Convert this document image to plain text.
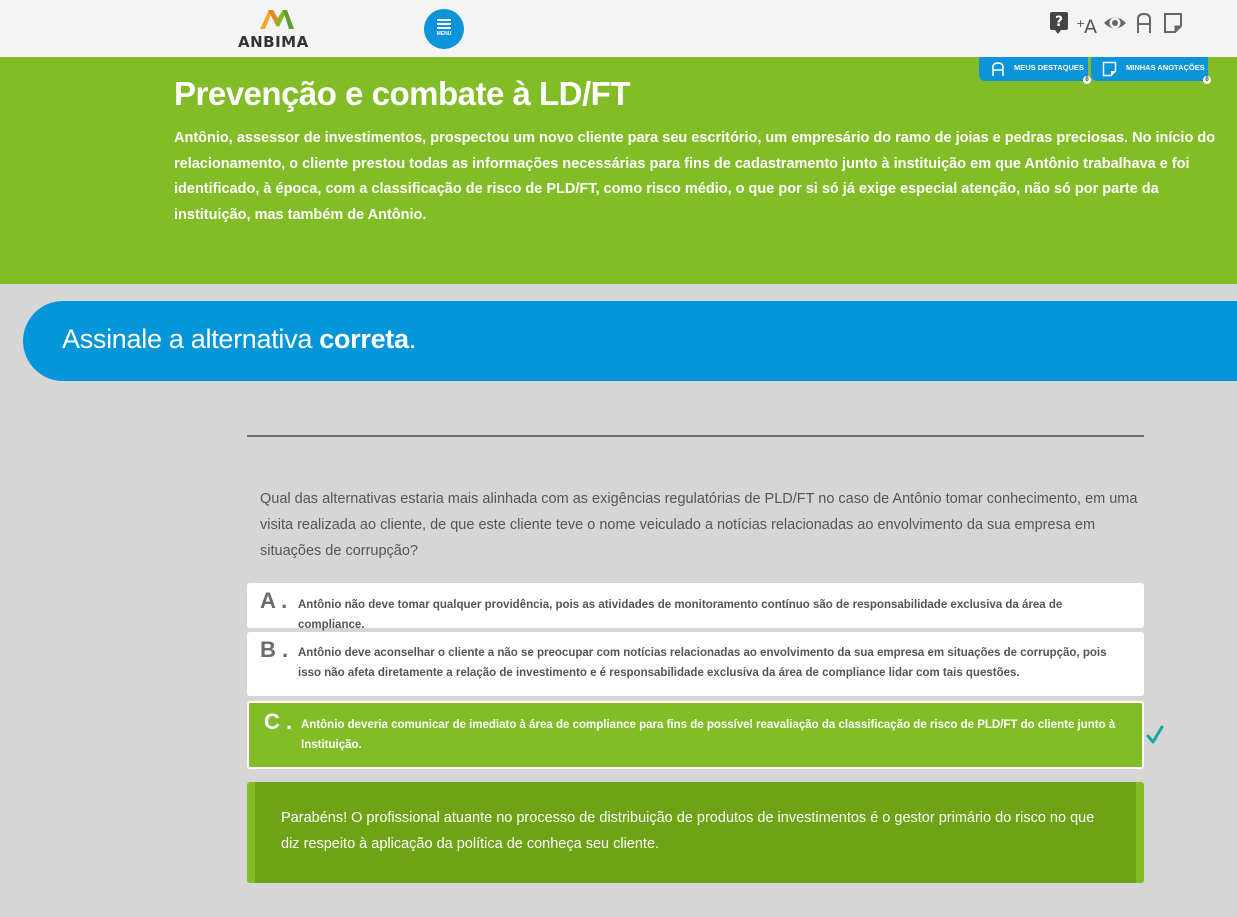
ANBIMA	MENU
? +
A
MEUS DESTAQUES
0
MINHAS ANOTAÇÕES
0
Prevenção e combate à LD/FT

Antônio, assessor de investimentos, prospectou um novo cliente para seu escritório, um empresário do ramo de joias e pedras preciosas. No início do relacionamento, o cliente prestou todas as informações necessárias para fins de cadastramento junto à instituição em que Antônio trabalhava e foi identificado, à época, com a classificação de risco de PLD/FT, como risco médio, o que por si só já exige especial atenção, não só por parte da instituição, mas também de Antônio.

Assinale a alternativa correta.
Qual das alternativas estaria mais alinhada com as exigências regulatórias de PLD/FT no caso de Antônio tomar conhecimento, em uma visita realizada ao cliente, de que este cliente teve o nome veiculado a notícias relacionadas ao envolvimento da sua empresa em situações de corrupção?
A . Antônio não deve tomar qualquer providência, pois as atividades de monitoramento contínuo são de responsabilidade exclusiva da área de compliance.
B . Antônio deve aconselhar o cliente a não se preocupar com notícias relacionadas ao envolvimento da sua empresa em situações de corrupção, pois isso não afeta diretamente a relação de investimento e é responsabilidade exclusiva da área de compliance lidar com tais questões.
C . Antônio deveria comunicar de imediato à área de compliance para fins de possível reavaliação da classificação de risco de PLD/FT do cliente junto à Instituição.
Parabéns! O profissional atuante no processo de distribuição de produtos de investimentos é o gestor primário do risco no que diz respeito à aplicação da política de conheça seu cliente.
